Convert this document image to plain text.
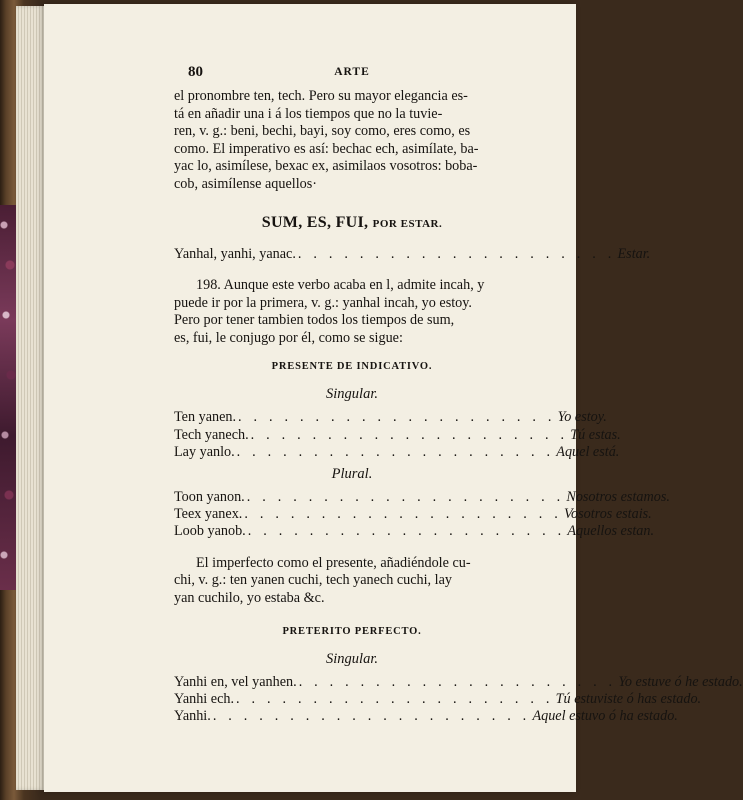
80	ARTE

el pronombre ten, tech. Pero su mayor elegancia es-

tá en añadir una i á los tiempos que no la tuvie-

ren, v. g.: beni, bechi, bayi, soy como, eres como, es

como. El imperativo es así: bechac ech, asimílate, ba-

yac lo, asimílese, bexac ex, asimilaos vosotros: boba-

cob, asimílense aquellos·

SUM, ES, FUI, POR ESTAR.
Yanhal, yanhi, yanac. . . . . . . . . . . . . . . . . . . . . . Estar.

198. Aunque este verbo acaba en l, admite incah, y

puede ir por la primera, v. g.: yanhal incah, yo estoy.

Pero por tener tambien todos los tiempos de sum,

es, fui, le conjugo por él, como se sigue:

PRESENTE DE INDICATIVO.
Singular.
Ten yanen. . . . . . . . . . . . . . . . . . . . . . Yo estoy.
Tech yanech. . . . . . . . . . . . . . . . . . . . . . Tú estas.
Lay yanlo. . . . . . . . . . . . . . . . . . . . . . Aquel está.
Plural.
Toon yanon. . . . . . . . . . . . . . . . . . . . . . Nosotros estamos.
Teex yanex. . . . . . . . . . . . . . . . . . . . . . Vosotros estais.
Loob yanob. . . . . . . . . . . . . . . . . . . . . . Aquellos estan.

El imperfecto como el presente, añadiéndole cu-

chi, v. g.: ten yanen cuchi, tech yanech cuchi, lay

yan cuchilo, yo estaba &c.

PRETERITO PERFECTO.
Singular.
Yanhi en, vel yanhen. . . . . . . . . . . . . . . . . . . . . . Yo estuve ó he estado.
Yanhi ech. . . . . . . . . . . . . . . . . . . . . . Tú estuviste ó has estado.
Yanhi. . . . . . . . . . . . . . . . . . . . . . Aquel estuvo ó ha estado.
